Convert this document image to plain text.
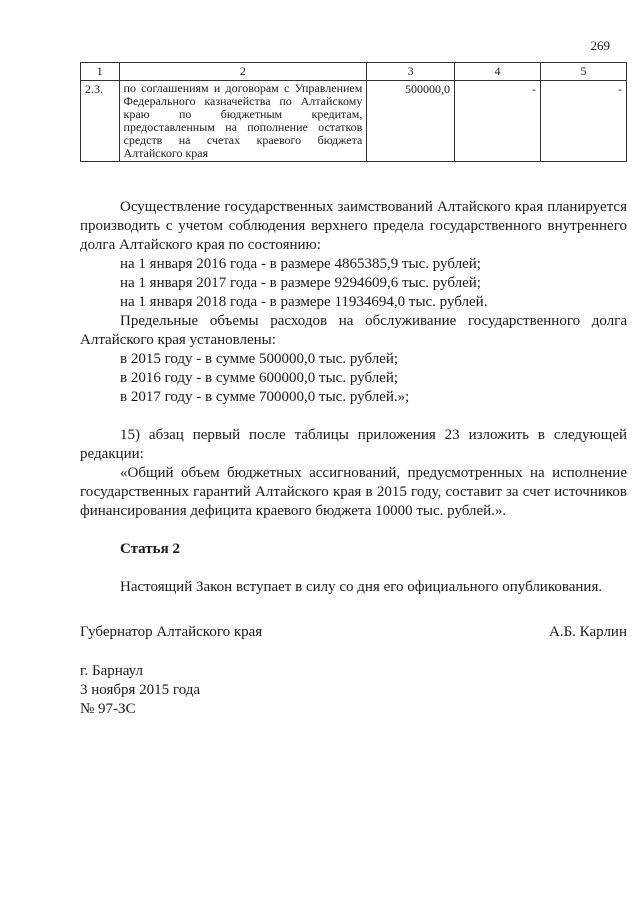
269
1	2	3	4	5
2.3.	по соглашениям и договорам с Управлением Федерального казначейства по Алтайскому краю по бюджетным кредитам, предоставленным на пополнение остатков средств на счетах краевого бюджета Алтайского края	500000,0	-	-

Осуществление государственных заимствований Алтайского края планируется производить с учетом соблюдения верхнего предела государственного внутреннего долга Алтайского края по состоянию:

на 1 января 2016 года - в размере 4865385,9 тыс. рублей;

на 1 января 2017 года - в размере 9294609,6 тыс. рублей;

на 1 января 2018 года - в размере 11934694,0 тыс. рублей.

Предельные объемы расходов на обслуживание государственного долга Алтайского края установлены:

в 2015 году - в сумме 500000,0 тыс. рублей;

в 2016 году - в сумме 600000,0 тыс. рублей;

в 2017 году - в сумме 700000,0 тыс. рублей.»;

15) абзац первый после таблицы приложения 23 изложить в следующей редакции:

«Общий объем бюджетных ассигнований, предусмотренных на исполнение государственных гарантий Алтайского края в 2015 году, составит за счет источников финансирования дефицита краевого бюджета 10000 тыс. рублей.».

Статья 2

Настоящий Закон вступает в силу со дня его официального опубликования.

Губернатор Алтайского края	А.Б. Карлин
г. Барнаул
3 ноября 2015 года
№ 97-ЗС
